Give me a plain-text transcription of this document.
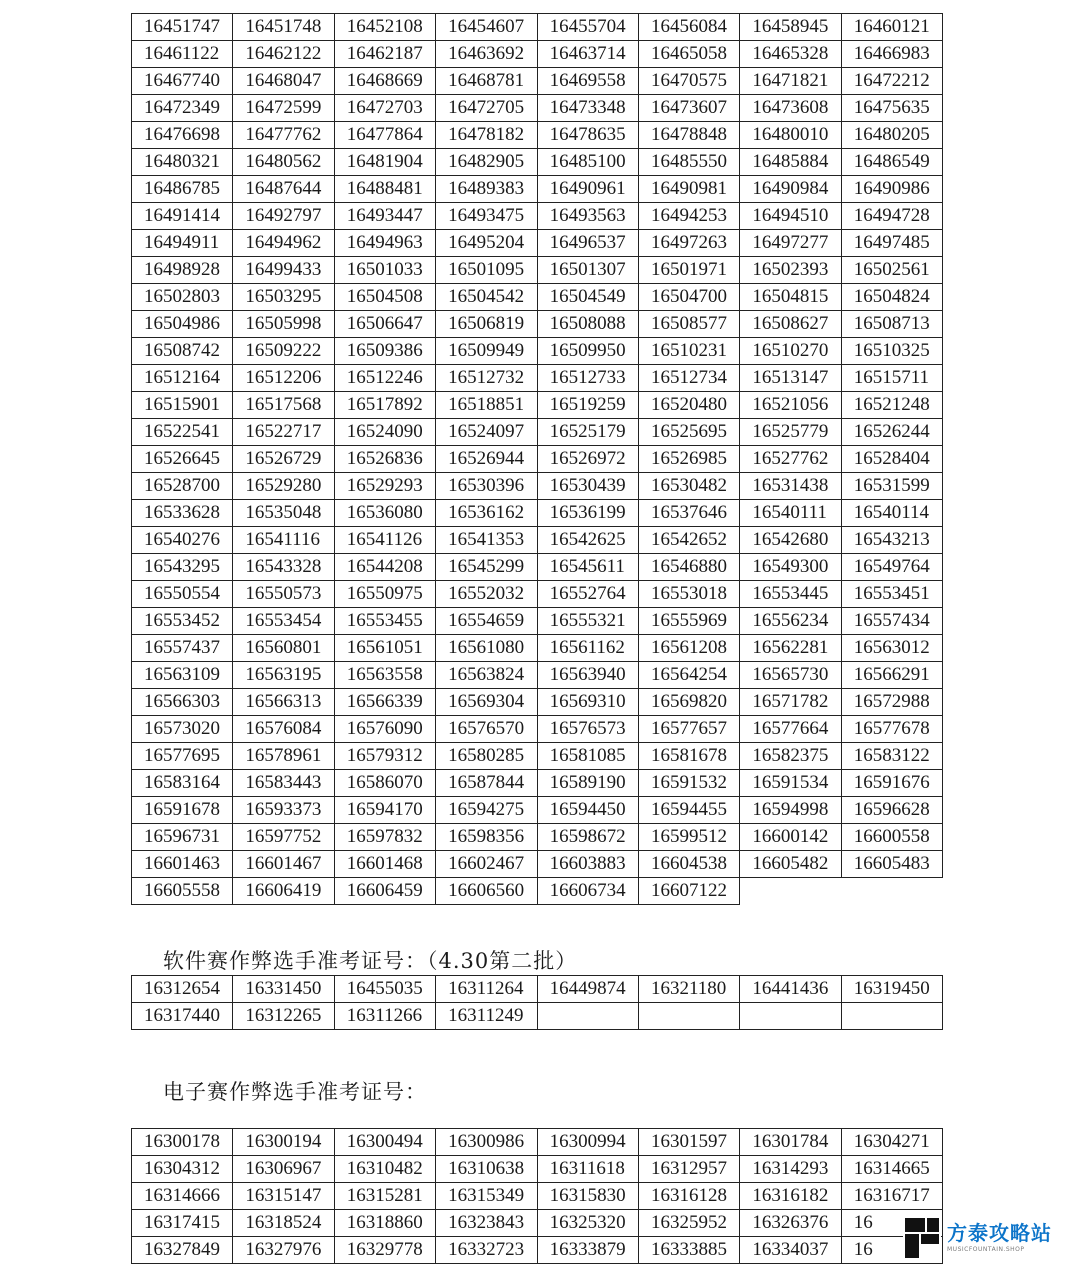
16451747	16451748	16452108	16454607	16455704	16456084	16458945	16460121
16461122	16462122	16462187	16463692	16463714	16465058	16465328	16466983
16467740	16468047	16468669	16468781	16469558	16470575	16471821	16472212
16472349	16472599	16472703	16472705	16473348	16473607	16473608	16475635
16476698	16477762	16477864	16478182	16478635	16478848	16480010	16480205
16480321	16480562	16481904	16482905	16485100	16485550	16485884	16486549
16486785	16487644	16488481	16489383	16490961	16490981	16490984	16490986
16491414	16492797	16493447	16493475	16493563	16494253	16494510	16494728
16494911	16494962	16494963	16495204	16496537	16497263	16497277	16497485
16498928	16499433	16501033	16501095	16501307	16501971	16502393	16502561
16502803	16503295	16504508	16504542	16504549	16504700	16504815	16504824
16504986	16505998	16506647	16506819	16508088	16508577	16508627	16508713
16508742	16509222	16509386	16509949	16509950	16510231	16510270	16510325
16512164	16512206	16512246	16512732	16512733	16512734	16513147	16515711
16515901	16517568	16517892	16518851	16519259	16520480	16521056	16521248
16522541	16522717	16524090	16524097	16525179	16525695	16525779	16526244
16526645	16526729	16526836	16526944	16526972	16526985	16527762	16528404
16528700	16529280	16529293	16530396	16530439	16530482	16531438	16531599
16533628	16535048	16536080	16536162	16536199	16537646	16540111	16540114
16540276	16541116	16541126	16541353	16542625	16542652	16542680	16543213
16543295	16543328	16544208	16545299	16545611	16546880	16549300	16549764
16550554	16550573	16550975	16552032	16552764	16553018	16553445	16553451
16553452	16553454	16553455	16554659	16555321	16555969	16556234	16557434
16557437	16560801	16561051	16561080	16561162	16561208	16562281	16563012
16563109	16563195	16563558	16563824	16563940	16564254	16565730	16566291
16566303	16566313	16566339	16569304	16569310	16569820	16571782	16572988
16573020	16576084	16576090	16576570	16576573	16577657	16577664	16577678
16577695	16578961	16579312	16580285	16581085	16581678	16582375	16583122
16583164	16583443	16586070	16587844	16589190	16591532	16591534	16591676
16591678	16593373	16594170	16594275	16594450	16594455	16594998	16596628
16596731	16597752	16597832	16598356	16598672	16599512	16600142	16600558
16601463	16601467	16601468	16602467	16603883	16604538	16605482	16605483
16605558	16606419	16606459	16606560	16606734	16607122		
软件赛作弊选手准考证号：（4.30第二批）
16312654	16331450	16455035	16311264	16449874	16321180	16441436	16319450
16317440	16312265	16311266	16311249				
电子赛作弊选手准考证号：
16300178	16300194	16300494	16300986	16300994	16301597	16301784	16304271
16304312	16306967	16310482	16310638	16311618	16312957	16314293	16314665
16314666	16315147	16315281	16315349	16315830	16316128	16316182	16316717
16317415	16318524	16318860	16323843	16325320	16325952	16326376	16
16327849	16327976	16329778	16332723	16333879	16333885	16334037	16
方泰攻略站
MUSICFOUNTAIN.SHOP
